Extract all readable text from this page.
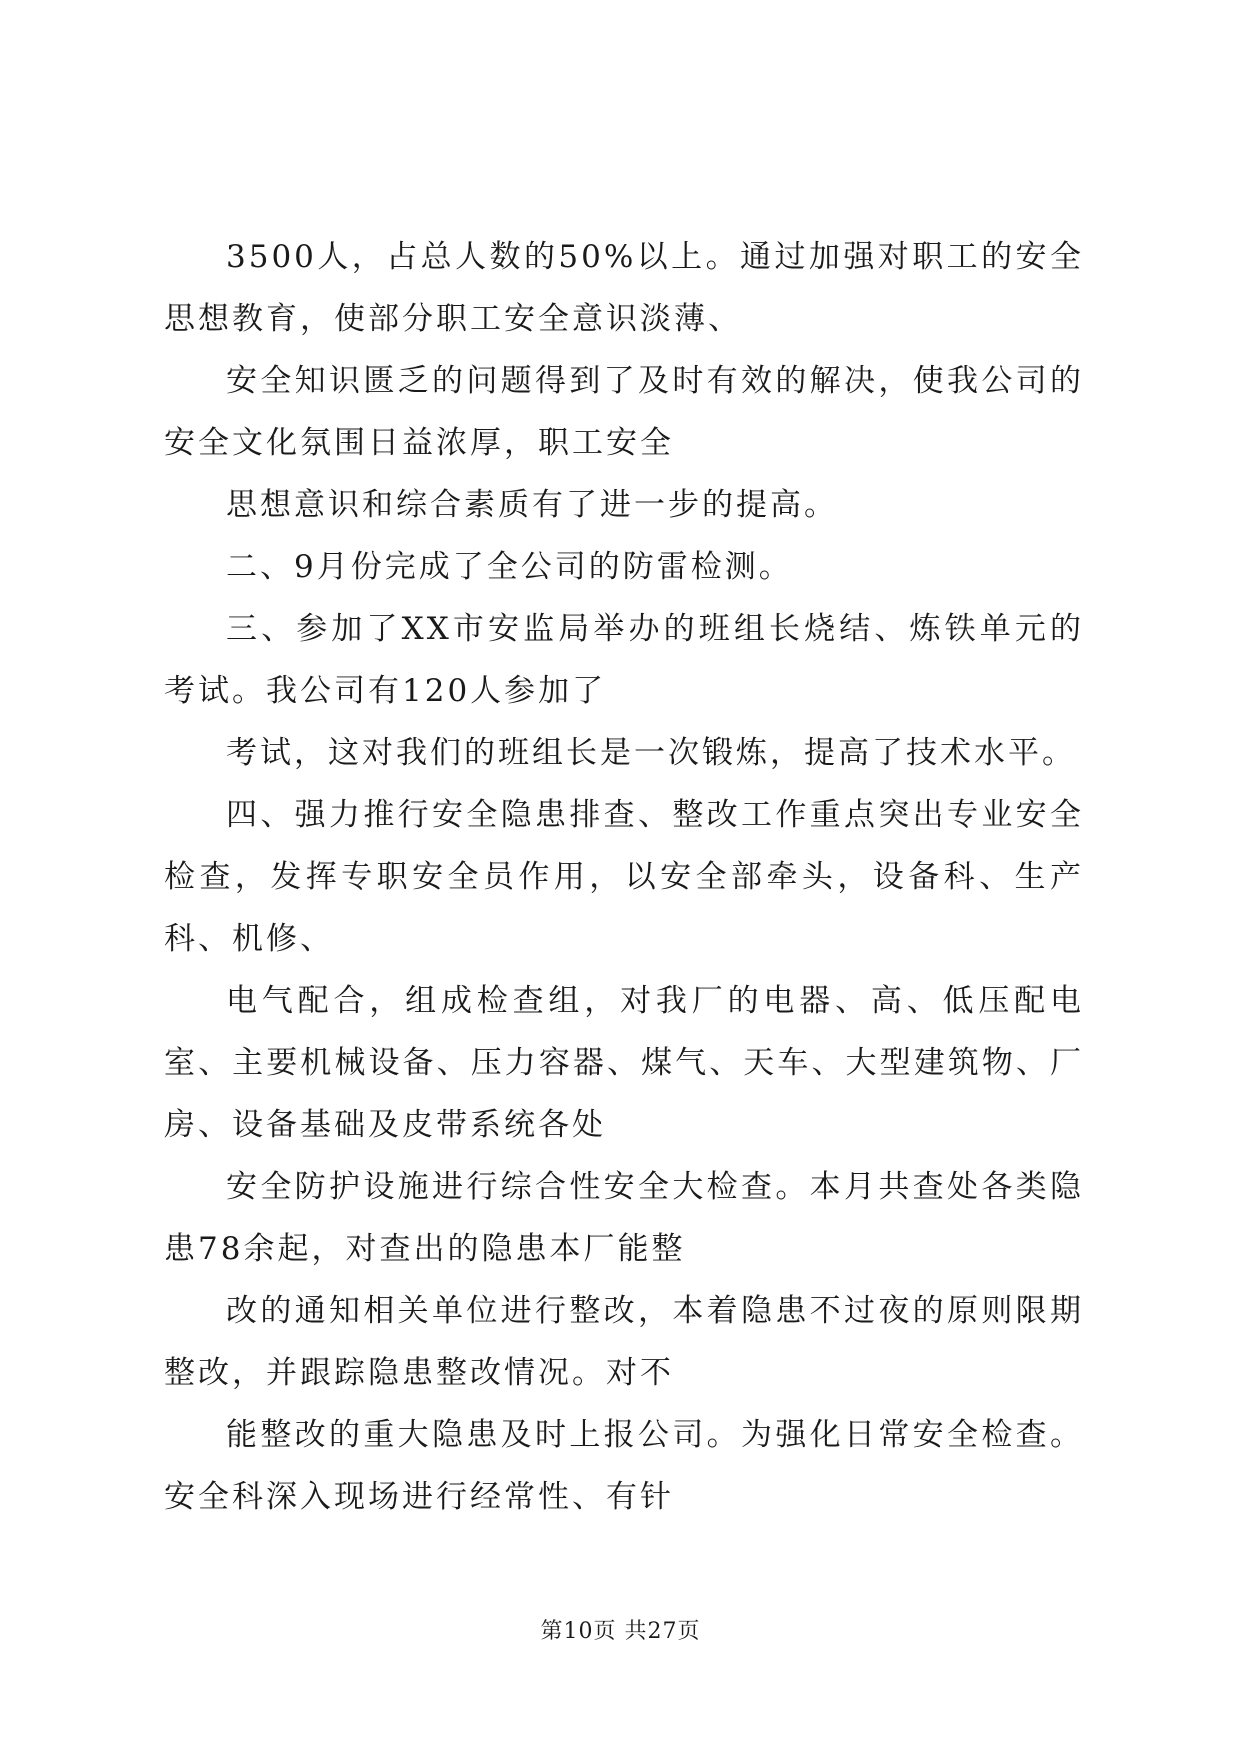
3500人，占总人数的50%以上。通过加强对职工的安全思想教育，使部分职工安全意识淡薄、

安全知识匮乏的问题得到了及时有效的解决，使我公司的安全文化氛围日益浓厚，职工安全

思想意识和综合素质有了进一步的提高。

二、9月份完成了全公司的防雷检测。

三、参加了XX市安监局举办的班组长烧结、炼铁单元的考试。我公司有120人参加了

考试，这对我们的班组长是一次锻炼，提高了技术水平。

四、强力推行安全隐患排查、整改工作重点突出专业安全检查，发挥专职安全员作用，以安全部牵头，设备科、生产科、机修、

电气配合，组成检查组，对我厂的电器、高、低压配电室、主要机械设备、压力容器、煤气、天车、大型建筑物、厂房、设备基础及皮带系统各处

安全防护设施进行综合性安全大检查。本月共查处各类隐患78余起，对查出的隐患本厂能整

改的通知相关单位进行整改，本着隐患不过夜的原则限期整改，并跟踪隐患整改情况。对不

能整改的重大隐患及时上报公司。为强化日常安全检查。安全科深入现场进行经常性、有针

第10页 共27页
